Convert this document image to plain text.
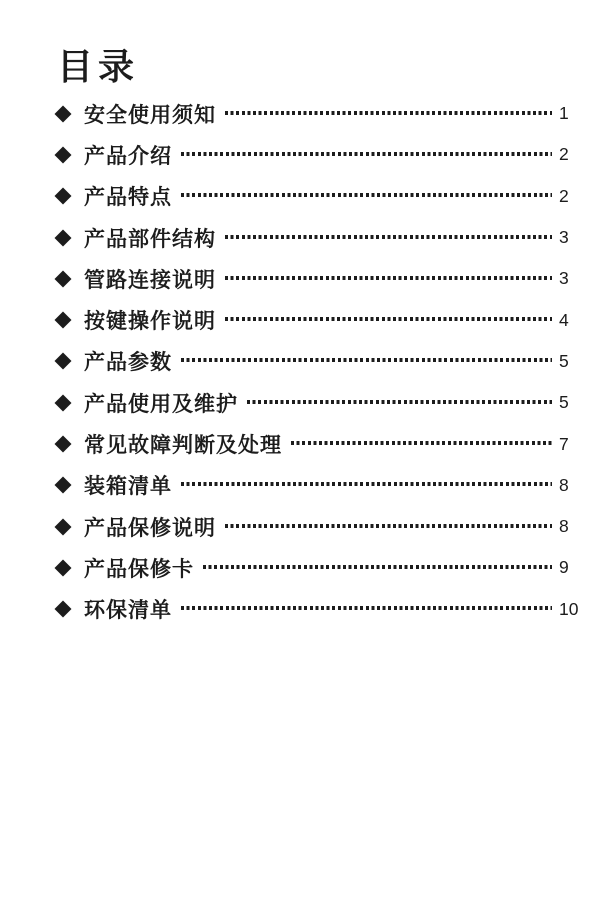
目录
安全使用须知	1
产品介绍	2
产品特点	2
产品部件结构	3
管路连接说明	3
按键操作说明	4
产品参数	5
产品使用及维护	5
常见故障判断及处理	7
装箱清单	8
产品保修说明	8
产品保修卡	9
环保清单	10
